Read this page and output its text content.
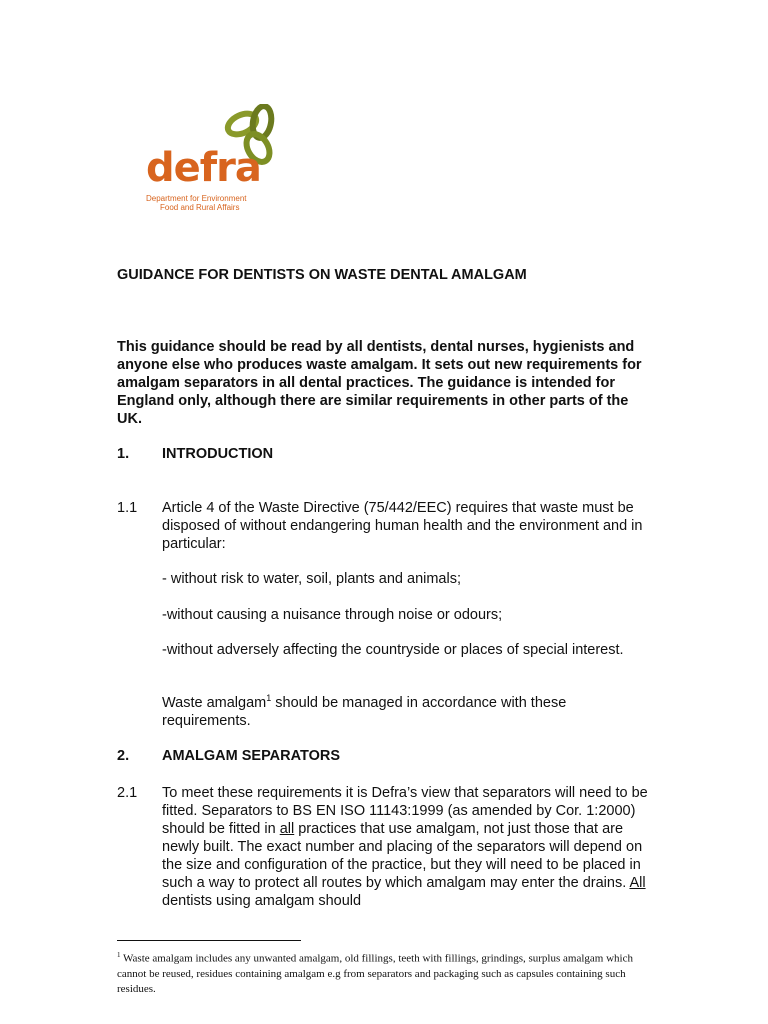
defra
Department for Environment
Food and Rural Affairs
GUIDANCE FOR DENTISTS ON WASTE DENTAL AMALGAM

This guidance should be read by all dentists, dental nurses, hygienists and anyone else who produces waste amalgam. It sets out new requirements for amalgam separators in all dental practices. The guidance is intended for England only, although there are similar requirements in other parts of the UK.

1. INTRODUCTION
1.1 Article 4 of the Waste Directive (75/442/EEC) requires that waste must be disposed of without endangering human health and the environment and in particular:

- without risk to water, soil, plants and animals;

-without causing a nuisance through noise or odours;

-without adversely affecting the countryside or places of special interest.

Waste amalgam$^1$ should be managed in accordance with these requirements.

2. AMALGAM SEPARATORS
2.1 To meet these requirements it is Defra’s view that separators will need to be fitted. Separators to BS EN ISO 11143:1999 (as amended by Cor. 1:2000) should be fitted in all practices that use amalgam, not just those that are newly built. The exact number and placing of the separators will depend on the size and configuration of the practice, but they will need to be placed in such a way to protect all routes by which amalgam may enter the drains. All dentists using amalgam should

$^1$ Waste amalgam includes any unwanted amalgam, old fillings, teeth with fillings, grindings, surplus amalgam which cannot be reused, residues containing amalgam e.g from separators and packaging such as capsules containing such residues.
